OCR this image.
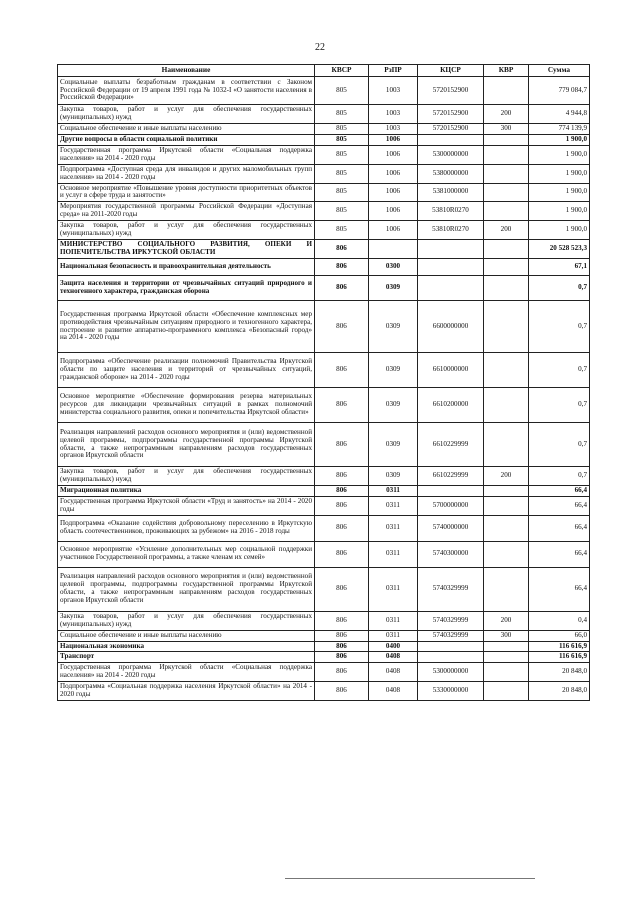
22
Наименование	КВСР	РзПР	КЦСР	КВР	Сумма
Социальные выплаты безработным гражданам в соответствии с Законом Российской Федерации от 19 апреля 1991 года № 1032-I «О занятости населения в Российской Федерации»	805	1003	5720152900		779 084,7
Закупка товаров, работ и услуг для обеспечения государственных (муниципальных) нужд	805	1003	5720152900	200	4 944,8
Социальное обеспечение и иные выплаты населению	805	1003	5720152900	300	774 139,9
Другие вопросы в области социальной политики	805	1006			1 900,0
Государственная программа Иркутской области «Социальная поддержка населения» на 2014 - 2020 годы	805	1006	5300000000		1 900,0
Подпрограмма «Доступная среда для инвалидов и других маломобильных групп населения» на 2014 - 2020 годы	805	1006	5380000000		1 900,0
Основное мероприятие «Повышение уровня доступности приоритетных объектов и услуг в сфере труда и занятости»	805	1006	5381000000		1 900,0
Мероприятия государственной программы Российской Федерации «Доступная среда» на 2011-2020 годы	805	1006	53810R0270		1 900,0
Закупка товаров, работ и услуг для обеспечения государственных (муниципальных) нужд	805	1006	53810R0270	200	1 900,0
МИНИСТЕРСТВО СОЦИАЛЬНОГО РАЗВИТИЯ, ОПЕКИ И ПОПЕЧИТЕЛЬСТВА ИРКУТСКОЙ ОБЛАСТИ	806				20 528 523,3
Национальная безопасность и правоохранительная деятельность	806	0300			67,1
Защита населения и территории от чрезвычайных ситуаций природного и техногенного характера, гражданская оборона	806	0309			0,7
Государственная программа Иркутской области «Обеспечение комплексных мер противодействия чрезвычайным ситуациям природного и техногенного характера, построение и развитие аппаратно-программного комплекса «Безопасный город» на 2014 - 2020 годы	806	0309	6600000000		0,7
Подпрограмма «Обеспечение реализации полномочий Правительства Иркутской области по защите населения и территорий от чрезвычайных ситуаций, гражданской обороне» на 2014 - 2020 годы	806	0309	6610000000		0,7
Основное мероприятие «Обеспечение формирования резерва материальных ресурсов для ликвидации чрезвычайных ситуаций в рамках полномочий министерства социального развития, опеки и попечительства Иркутской области»	806	0309	6610200000		0,7
Реализация направлений расходов основного мероприятия и (или) ведомственной целевой программы, подпрограммы государственной программы Иркутской области, а также непрограммным направлениям расходов государственных органов Иркутской области	806	0309	6610229999		0,7
Закупка товаров, работ и услуг для обеспечения государственных (муниципальных) нужд	806	0309	6610229999	200	0,7
Миграционная политика	806	0311			66,4
Государственная программа Иркутской области «Труд и занятость» на 2014 - 2020 годы	806	0311	5700000000		66,4
Подпрограмма «Оказание содействия добровольному переселению в Иркутскую область соотечественников, проживающих за рубежом» на 2016 - 2018 годы	806	0311	5740000000		66,4
Основное мероприятие «Усиление дополнительных мер социальной поддержки участников Государственной программы, а также членам их семей»	806	0311	5740300000		66,4
Реализация направлений расходов основного мероприятия и (или) ведомственной целевой программы, подпрограммы государственной программы Иркутской области, а также непрограммным направлениям расходов государственных органов Иркутской области	806	0311	5740329999		66,4
Закупка товаров, работ и услуг для обеспечения государственных (муниципальных) нужд	806	0311	5740329999	200	0,4
Социальное обеспечение и иные выплаты населению	806	0311	5740329999	300	66,0
Национальная экономика	806	0400			116 616,9
Транспорт	806	0408			116 616,9
Государственная программа Иркутской области «Социальная поддержка населения» на 2014 - 2020 годы	806	0408	5300000000		20 848,0
Подпрограмма «Социальная поддержка населения Иркутской области» на 2014 - 2020 годы	806	0408	5330000000		20 848,0
